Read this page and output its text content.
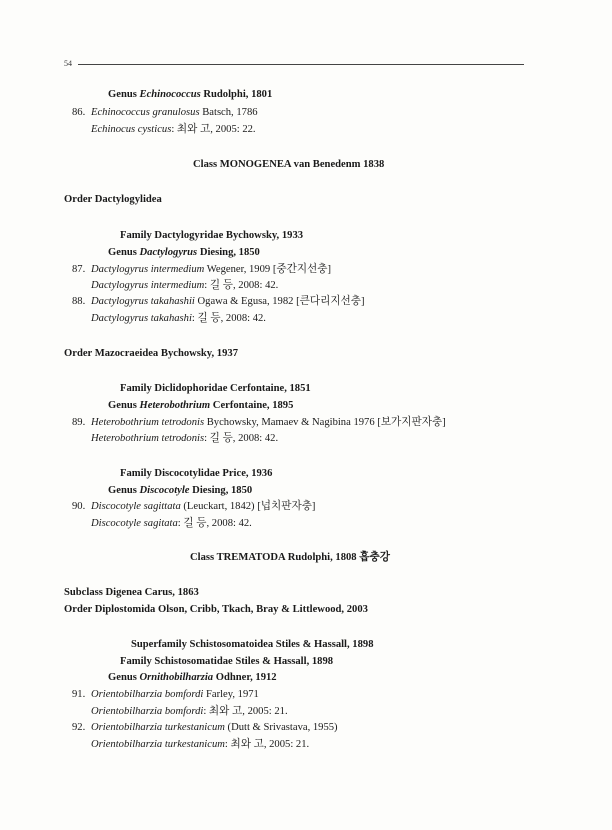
54
Genus Echinococcus Rudolphi, 1801
86. Echinococcus granulosus Batsch, 1786
Echinocus cysticus: 최와 고, 2005: 22.
Class MONOGENEA van Benedenm 1838
Order Dactylogylidea
Family Dactylogyridae Bychowsky, 1933
Genus Dactylogyrus Diesing, 1850
87. Dactylogyrus intermedium Wegener, 1909 [중간지선충]
Dactylogyrus intermedium: 길 등, 2008: 42.
88. Dactylogyrus takahashii Ogawa & Egusa, 1982 [큰다리지선충]
Dactylogyrus takahashi: 길 등, 2008: 42.
Order Mazocraeidea Bychowsky, 1937
Family Diclidophoridae Cerfontaine, 1851
Genus Heterobothrium Cerfontaine, 1895
89. Heterobothrium tetrodonis Bychowsky, Mamaev & Nagibina 1976 [보가지판자충]
Heterobothrium tetrodonis: 길 등, 2008: 42.
Family Discocotylidae Price, 1936
Genus Discocotyle Diesing, 1850
90. Discocotyle sagittata (Leuckart, 1842) [넙치판자충]
Discocotyle sagitata: 길 등, 2008: 42.
Class TREMATODA Rudolphi, 1808 흡충강
Subclass Digenea Carus, 1863
Order Diplostomida Olson, Cribb, Tkach, Bray & Littlewood, 2003
Superfamily Schistosomatoidea Stiles & Hassall, 1898
Family Schistosomatidae Stiles & Hassall, 1898
Genus Ornithobilharzia Odhner, 1912
91. Orientobilharzia bomfordi Farley, 1971
Orientobilharzia bomfordi: 최와 고, 2005: 21.
92. Orientobilharzia turkestanicum (Dutt & Srivastava, 1955)
Orientobilharzia turkestanicum: 최와 고, 2005: 21.
